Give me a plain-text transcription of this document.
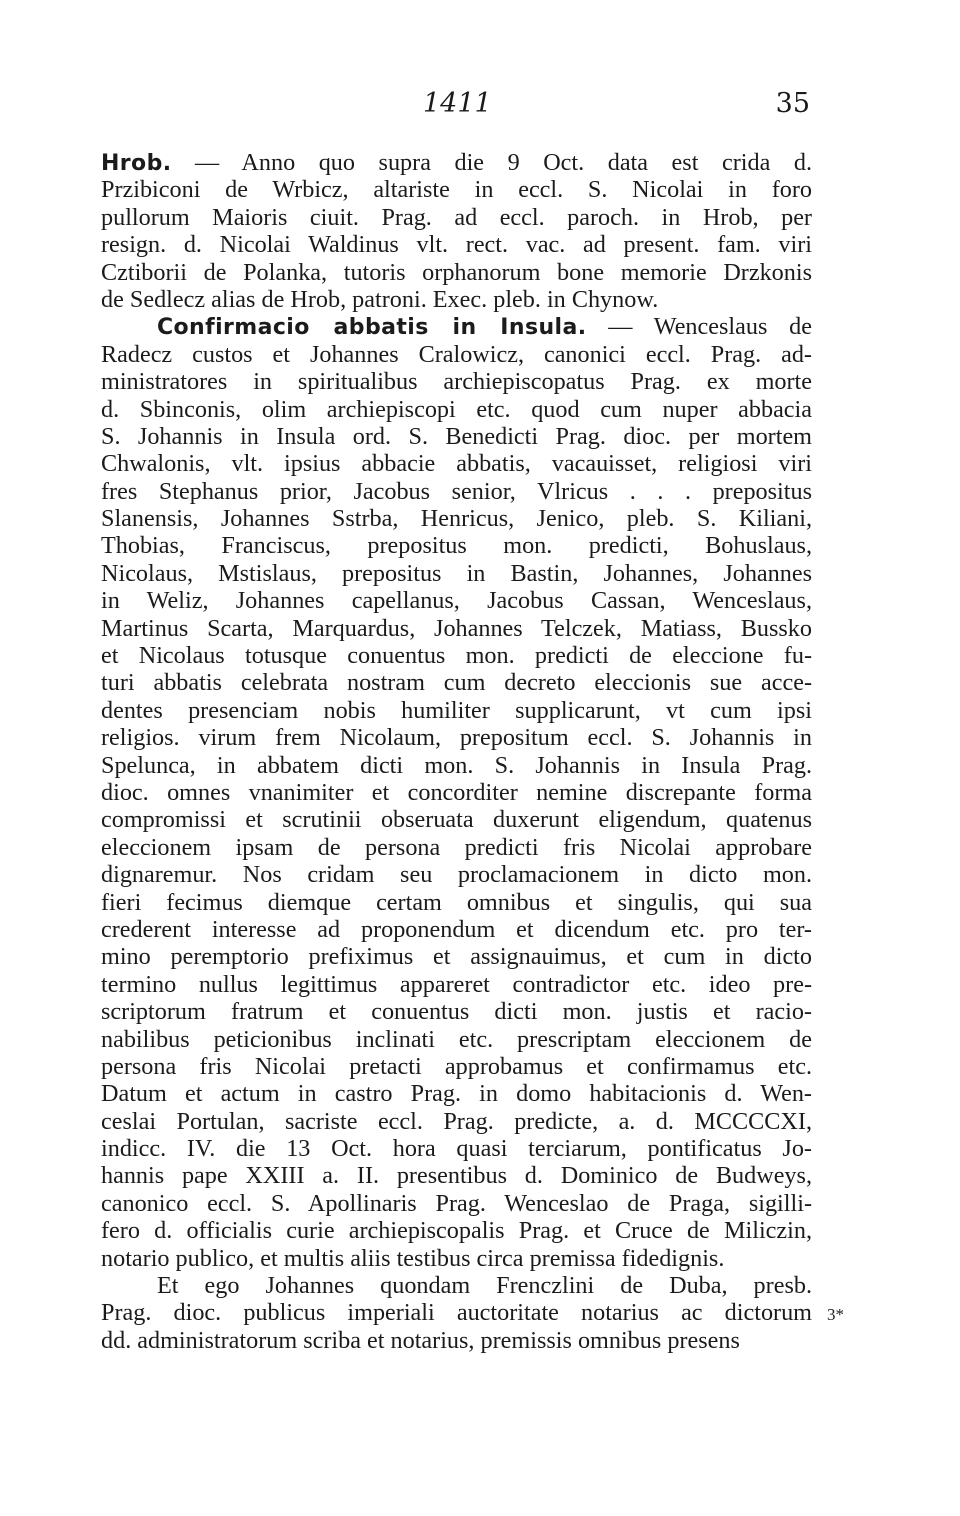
1411	35
Hrob. — Anno quo supra die 9 Oct. data est crida d.
Przibiconi de Wrbicz, altariste in eccl. S. Nicolai in foro
pullorum Maioris ciuit. Prag. ad eccl. paroch. in Hrob, per
resign. d. Nicolai Waldinus vlt. rect. vac. ad present. fam. viri
Cztiborii de Polanka, tutoris orphanorum bone memorie Drzkonis
de Sedlecz alias de Hrob, patroni. Exec. pleb. in Chynow.
Confirmacio abbatis in Insula. — Wenceslaus de
Radecz custos et Johannes Cralowicz, canonici eccl. Prag. ad-
ministratores in spiritualibus archiepiscopatus Prag. ex morte
d. Sbinconis, olim archiepiscopi etc. quod cum nuper abbacia
S. Johannis in Insula ord. S. Benedicti Prag. dioc. per mortem
Chwalonis, vlt. ipsius abbacie abbatis, vacauisset, religiosi viri
fres Stephanus prior, Jacobus senior, Vlricus . . . prepositus
Slanensis, Johannes Sstrba, Henricus, Jenico, pleb. S. Kiliani,
Thobias, Franciscus, prepositus mon. predicti, Bohuslaus,
Nicolaus, Mstislaus, prepositus in Bastin, Johannes, Johannes
in Weliz, Johannes capellanus, Jacobus Cassan, Wenceslaus,
Martinus Scarta, Marquardus, Johannes Telczek, Matiass, Bussko
et Nicolaus totusque conuentus mon. predicti de eleccione fu-
turi abbatis celebrata nostram cum decreto eleccionis sue acce-
dentes presenciam nobis humiliter supplicarunt, vt cum ipsi
religios. virum frem Nicolaum, prepositum eccl. S. Johannis in
Spelunca, in abbatem dicti mon. S. Johannis in Insula Prag.
dioc. omnes vnanimiter et concorditer nemine discrepante forma
compromissi et scrutinii obseruata duxerunt eligendum, quatenus
eleccionem ipsam de persona predicti fris Nicolai approbare
dignaremur. Nos cridam seu proclamacionem in dicto mon.
fieri fecimus diemque certam omnibus et singulis, qui sua
crederent interesse ad proponendum et dicendum etc. pro ter-
mino peremptorio prefiximus et assignauimus, et cum in dicto
termino nullus legittimus appareret contradictor etc. ideo pre-
scriptorum fratrum et conuentus dicti mon. justis et racio-
nabilibus peticionibus inclinati etc. prescriptam eleccionem de
persona fris Nicolai pretacti approbamus et confirmamus etc.
Datum et actum in castro Prag. in domo habitacionis d. Wen-
ceslai Portulan, sacriste eccl. Prag. predicte, a. d. MCCCCXI,
indicc. IV. die 13 Oct. hora quasi terciarum, pontificatus Jo-
hannis pape XXIII a. II. presentibus d. Dominico de Budweys,
canonico eccl. S. Apollinaris Prag. Wenceslao de Praga, sigilli-
fero d. officialis curie archiepiscopalis Prag. et Cruce de Miliczin,
notario publico, et multis aliis testibus circa premissa fidedignis.
Et ego Johannes quondam Frenczlini de Duba, presb.
Prag. dioc. publicus imperiali auctoritate notarius ac dictorum
dd. administratorum scriba et notarius, premissis omnibus presens
3*
